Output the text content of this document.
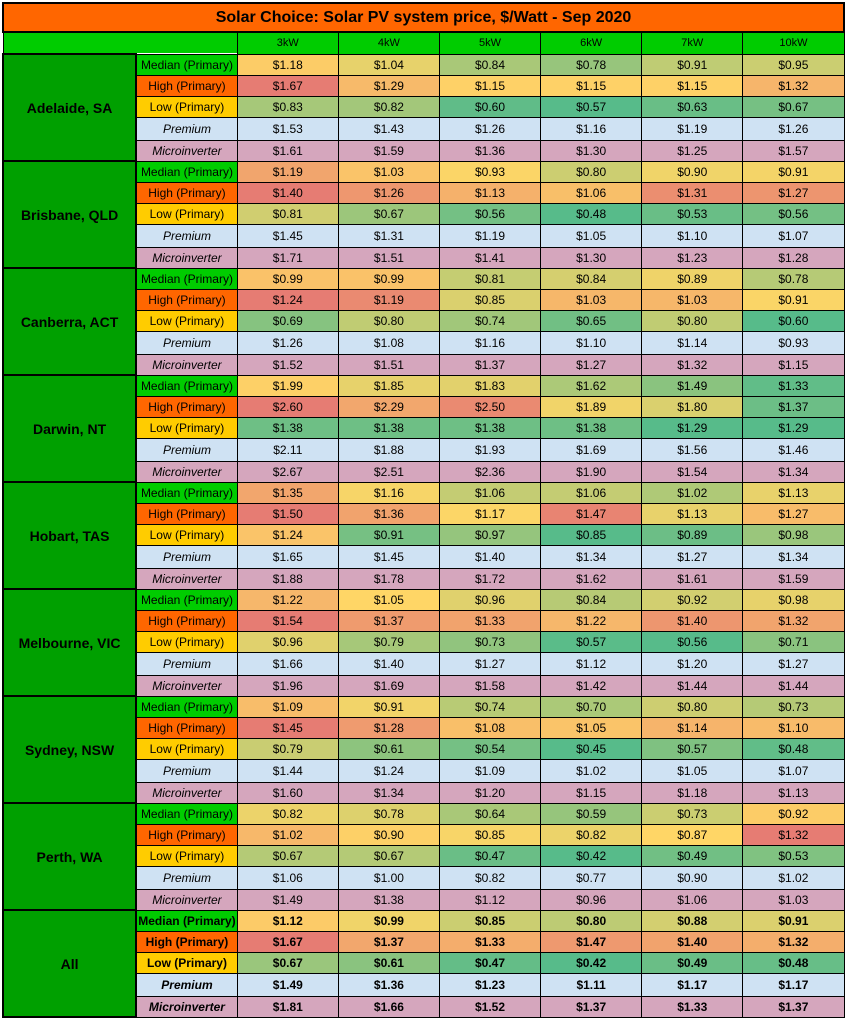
Solar Choice: Solar PV system price, $/Watt - Sep 2020							
		3kW	4kW	5kW	6kW	7kW	10kW
Adelaide, SA	Median (Primary)	$1.18	$1.04	$0.84	$0.78	$0.91	$0.95
	High (Primary)	$1.67	$1.29	$1.15	$1.15	$1.15	$1.32
	Low (Primary)	$0.83	$0.82	$0.60	$0.57	$0.63	$0.67
	Premium	$1.53	$1.43	$1.26	$1.16	$1.19	$1.26
	Microinverter	$1.61	$1.59	$1.36	$1.30	$1.25	$1.57
Brisbane, QLD	Median (Primary)	$1.19	$1.03	$0.93	$0.80	$0.90	$0.91
	High (Primary)	$1.40	$1.26	$1.13	$1.06	$1.31	$1.27
	Low (Primary)	$0.81	$0.67	$0.56	$0.48	$0.53	$0.56
	Premium	$1.45	$1.31	$1.19	$1.05	$1.10	$1.07
	Microinverter	$1.71	$1.51	$1.41	$1.30	$1.23	$1.28
Canberra, ACT	Median (Primary)	$0.99	$0.99	$0.81	$0.84	$0.89	$0.78
	High (Primary)	$1.24	$1.19	$0.85	$1.03	$1.03	$0.91
	Low (Primary)	$0.69	$0.80	$0.74	$0.65	$0.80	$0.60
	Premium	$1.26	$1.08	$1.16	$1.10	$1.14	$0.93
	Microinverter	$1.52	$1.51	$1.37	$1.27	$1.32	$1.15
Darwin, NT	Median (Primary)	$1.99	$1.85	$1.83	$1.62	$1.49	$1.33
	High (Primary)	$2.60	$2.29	$2.50	$1.89	$1.80	$1.37
	Low (Primary)	$1.38	$1.38	$1.38	$1.38	$1.29	$1.29
	Premium	$2.11	$1.88	$1.93	$1.69	$1.56	$1.46
	Microinverter	$2.67	$2.51	$2.36	$1.90	$1.54	$1.34
Hobart, TAS	Median (Primary)	$1.35	$1.16	$1.06	$1.06	$1.02	$1.13
	High (Primary)	$1.50	$1.36	$1.17	$1.47	$1.13	$1.27
	Low (Primary)	$1.24	$0.91	$0.97	$0.85	$0.89	$0.98
	Premium	$1.65	$1.45	$1.40	$1.34	$1.27	$1.34
	Microinverter	$1.88	$1.78	$1.72	$1.62	$1.61	$1.59
Melbourne, VIC	Median (Primary)	$1.22	$1.05	$0.96	$0.84	$0.92	$0.98
	High (Primary)	$1.54	$1.37	$1.33	$1.22	$1.40	$1.32
	Low (Primary)	$0.96	$0.79	$0.73	$0.57	$0.56	$0.71
	Premium	$1.66	$1.40	$1.27	$1.12	$1.20	$1.27
	Microinverter	$1.96	$1.69	$1.58	$1.42	$1.44	$1.44
Sydney, NSW	Median (Primary)	$1.09	$0.91	$0.74	$0.70	$0.80	$0.73
	High (Primary)	$1.45	$1.28	$1.08	$1.05	$1.14	$1.10
	Low (Primary)	$0.79	$0.61	$0.54	$0.45	$0.57	$0.48
	Premium	$1.44	$1.24	$1.09	$1.02	$1.05	$1.07
	Microinverter	$1.60	$1.34	$1.20	$1.15	$1.18	$1.13
Perth, WA	Median (Primary)	$0.82	$0.78	$0.64	$0.59	$0.73	$0.92
	High (Primary)	$1.02	$0.90	$0.85	$0.82	$0.87	$1.32
	Low (Primary)	$0.67	$0.67	$0.47	$0.42	$0.49	$0.53
	Premium	$1.06	$1.00	$0.82	$0.77	$0.90	$1.02
	Microinverter	$1.49	$1.38	$1.12	$0.96	$1.06	$1.03
All	Median (Primary)	$1.12	$0.99	$0.85	$0.80	$0.88	$0.91
	High (Primary)	$1.67	$1.37	$1.33	$1.47	$1.40	$1.32
	Low (Primary)	$0.67	$0.61	$0.47	$0.42	$0.49	$0.48
	Premium	$1.49	$1.36	$1.23	$1.11	$1.17	$1.17
	Microinverter	$1.81	$1.66	$1.52	$1.37	$1.33	$1.37
